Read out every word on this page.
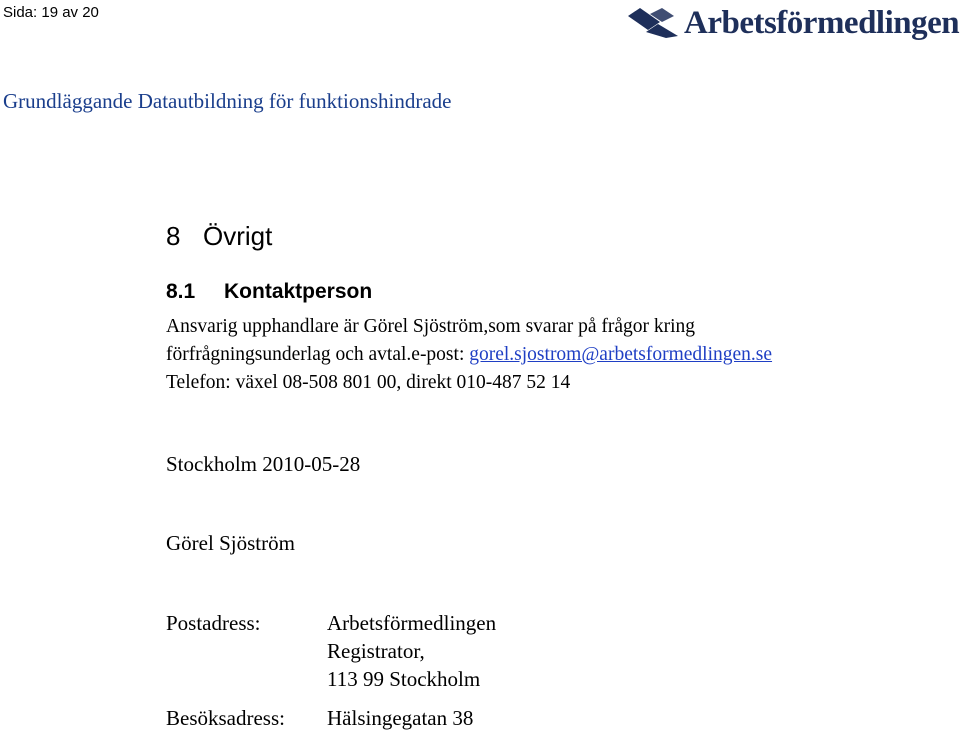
Sida: 19 av 20	Arbetsförmedlingen
Grundläggande Datautbildning för funktionshindrade
8 Övrigt
8.1 Kontaktperson
Ansvarig upphandlare är Görel Sjöström,som svarar på frågor kring
förfrågningsunderlag och avtal.e-post: gorel.sjostrom@arbetsformedlingen.se
Telefon: växel 08-508 801 00, direkt 010-487 52 14
Stockholm 2010-05-28
Görel Sjöström
Postadress:	Arbetsförmedlingen
Registrator,
113 99 Stockholm
Besöksadress: Hälsingegatan 38
